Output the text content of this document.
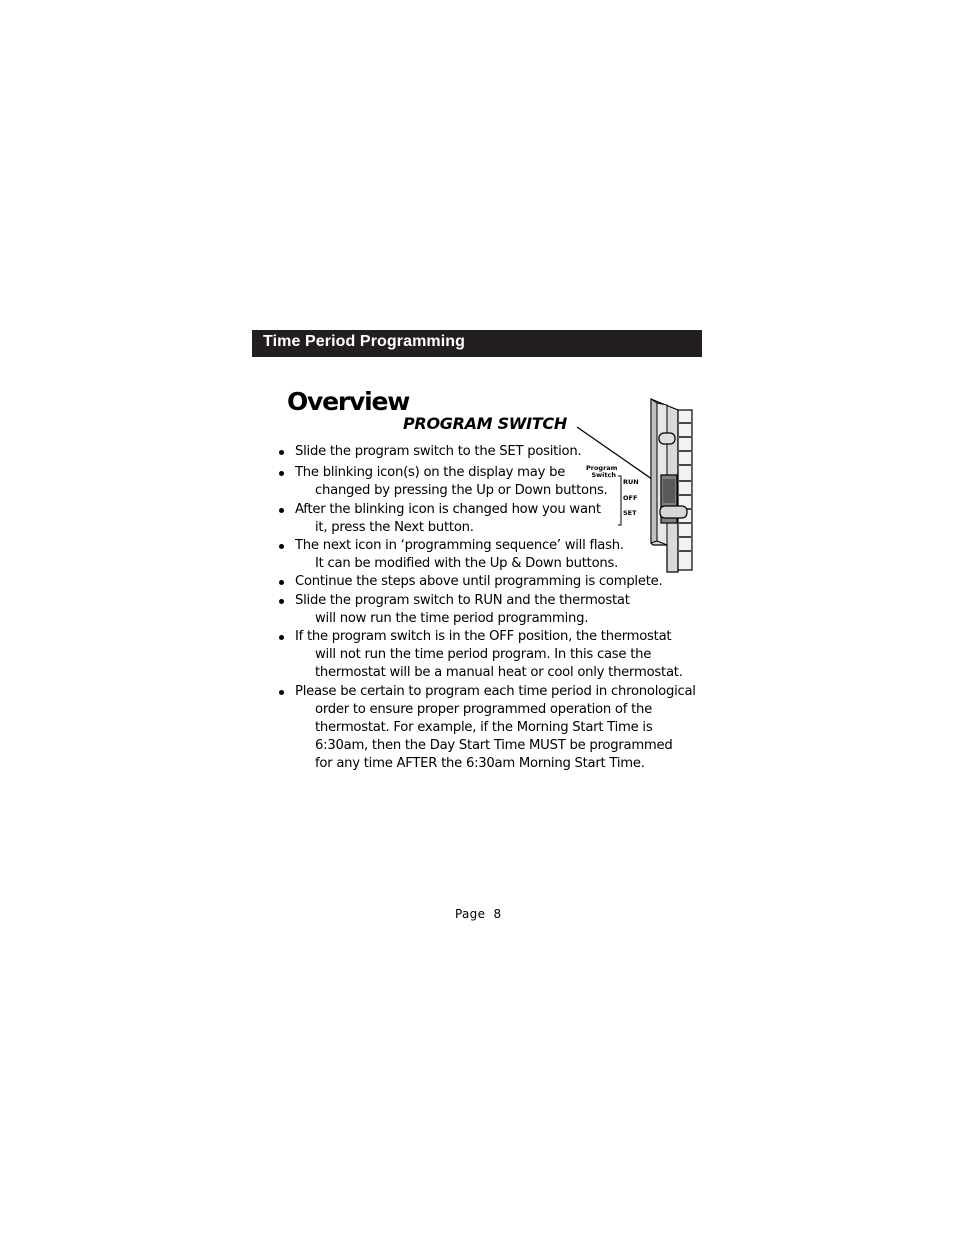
Time Period Programming
Overview
PROGRAM SWITCH
Slide the program switch to the SET position.
The blinking icon(s) on the display may be
changed by pressing the Up or Down buttons.
After the blinking icon is changed how you want
it, press the Next button.
The next icon in ‘programming sequence’ will flash.
It can be modified with the Up & Down buttons.
Continue the steps above until programming is complete.
Slide the program switch to RUN and the thermostat
will now run the time period programming.
If the program switch is in the OFF position, the thermostat
will not run the time period program. In this case the
thermostat will be a manual heat or cool only thermostat.
Please be certain to program each time period in chronological
order to ensure proper programmed operation of the
thermostat. For example, if the Morning Start Time is
6:30am, then the Day Start Time MUST be programmed
for any time AFTER the 6:30am Morning Start Time.
Program
Switch
RUN
OFF
SET
Page  8
